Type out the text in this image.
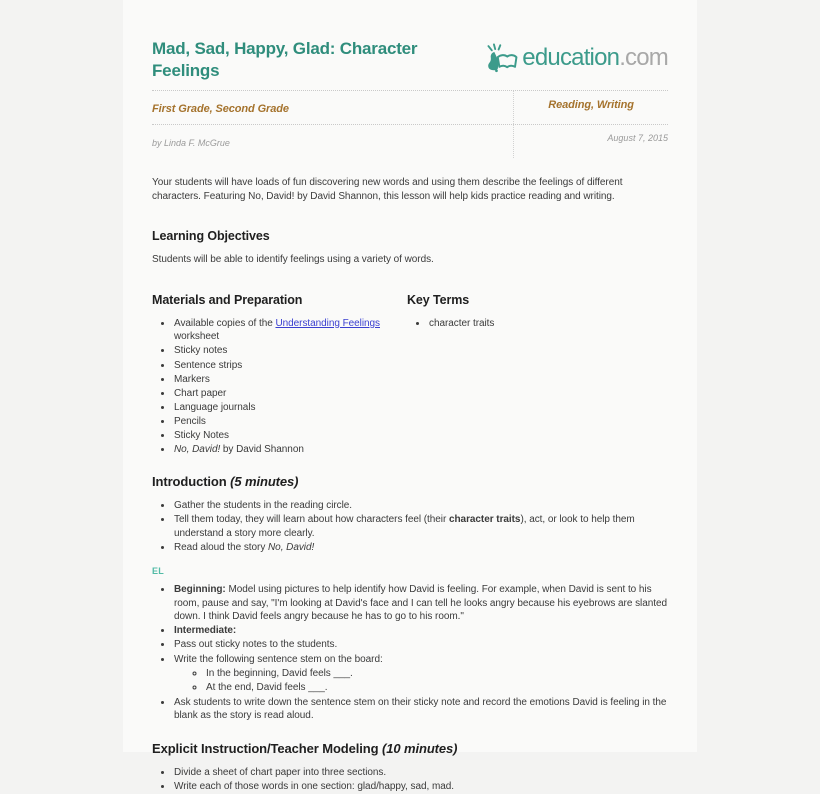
Mad, Sad, Happy, Glad: Character Feelings	education.com
First Grade, Second Grade	Reading, Writing
by Linda F. McGrue	August 7, 2015

Your students will have loads of fun discovering new words and using them describe the feelings of different characters. Featuring No, David! by David Shannon, this lesson will help kids practice reading and writing.

Learning Objectives

Students will be able to identify feelings using a variety of words.

Materials and Preparation
• Available copies of the Understanding Feelings worksheet
• Sticky notes
• Sentence strips
• Markers
• Chart paper
• Language journals
• Pencils
• Sticky Notes
• No, David! by David Shannon
Key Terms
• character traits
Introduction (5 minutes)
• Gather the students in the reading circle.
• Tell them today, they will learn about how characters feel (their character traits), act, or look to help them understand a story more clearly.
• Read aloud the story No, David!
EL
• Beginning: Model using pictures to help identify how David is feeling. For example, when David is sent to his room, pause and say, "I'm looking at David's face and I can tell he looks angry because his eyebrows are slanted down. I think David feels angry because he has to go to his room."
• Intermediate:
• Pass out sticky notes to the students.
• Write the following sentence stem on the board:
◦ In the beginning, David feels ___.
◦ At the end, David feels ___.
• Ask students to write down the sentence stem on their sticky note and record the emotions David is feeling in the blank as the story is read aloud.
Explicit Instruction/Teacher Modeling (10 minutes)
• Divide a sheet of chart paper into three sections.
• Write each of those words in one section: glad/happy, sad, mad.
